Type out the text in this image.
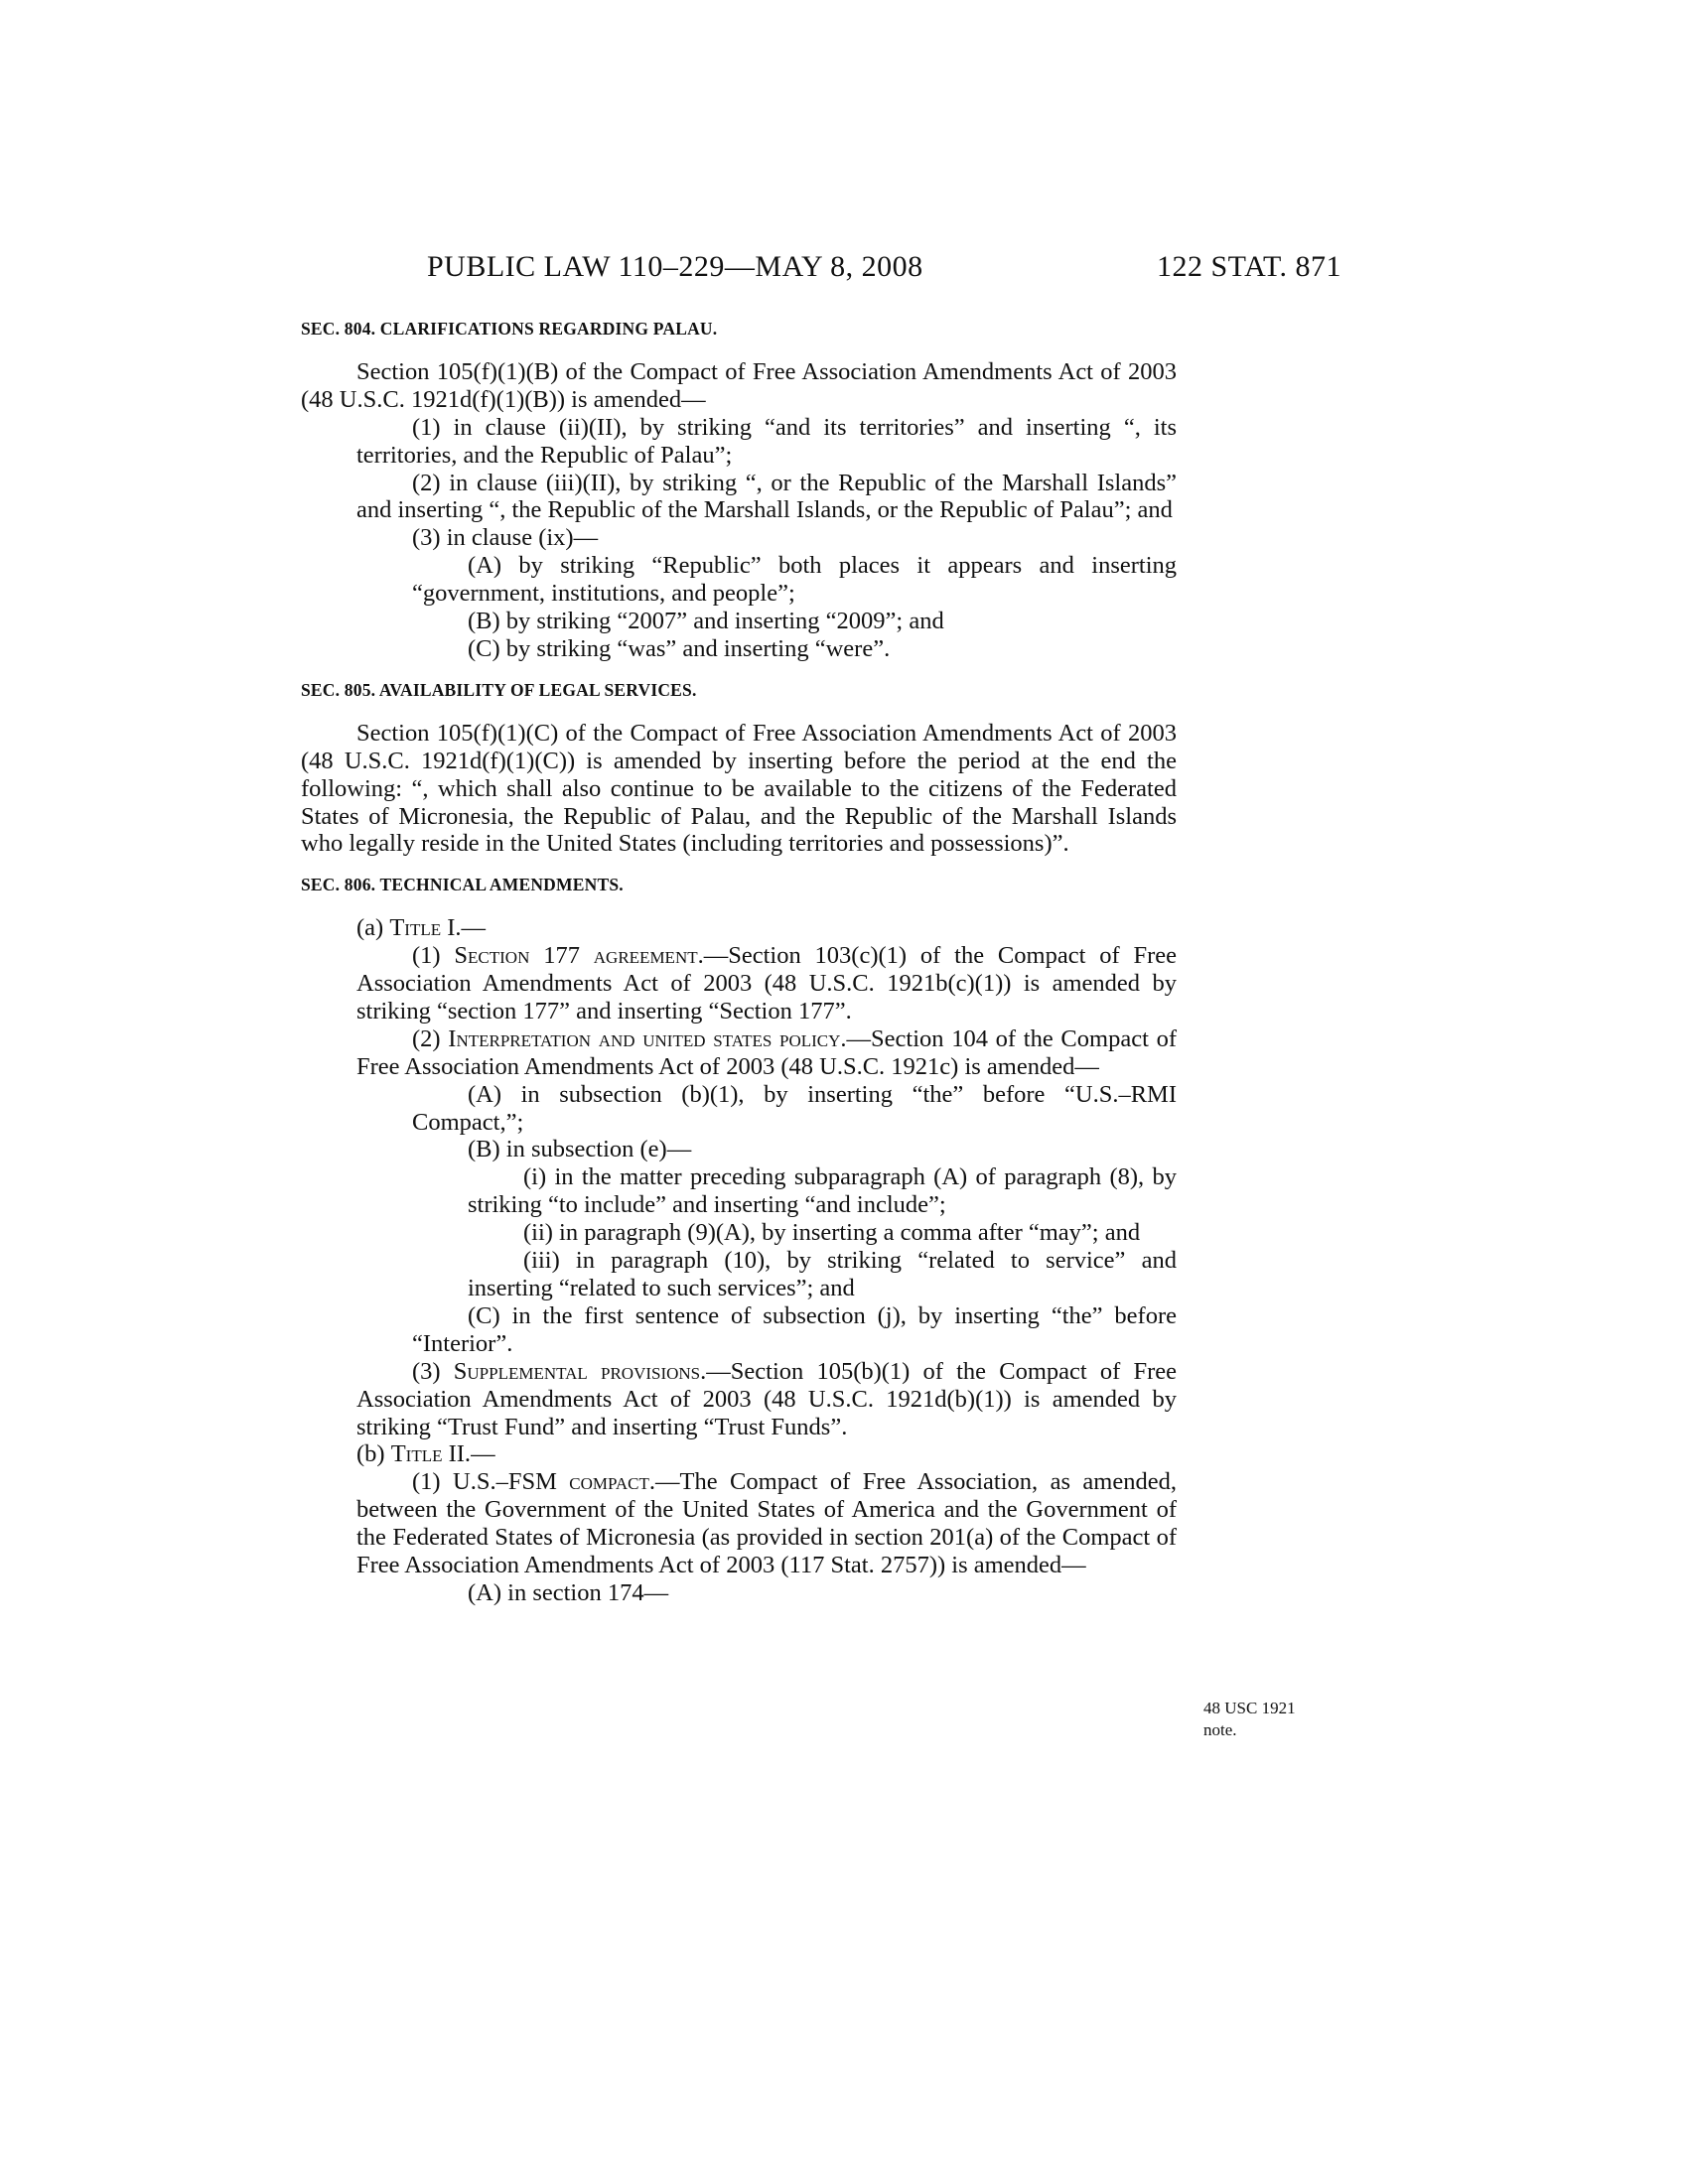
PUBLIC LAW 110–229—MAY 8, 2008	122 STAT. 871
48 USC 1921
note.
SEC. 804. CLARIFICATIONS REGARDING PALAU.

Section 105(f)(1)(B) of the Compact of Free Association Amendments Act of 2003 (48 U.S.C. 1921d(f)(1)(B)) is amended—

(1) in clause (ii)(II), by striking “and its territories” and inserting “, its territories, and the Republic of Palau”;

(2) in clause (iii)(II), by striking “, or the Republic of the Marshall Islands” and inserting “, the Republic of the Marshall Islands, or the Republic of Palau”; and

(3) in clause (ix)—

(A) by striking “Republic” both places it appears and inserting “government, institutions, and people”;

(B) by striking “2007” and inserting “2009”; and

(C) by striking “was” and inserting “were”.

SEC. 805. AVAILABILITY OF LEGAL SERVICES.

Section 105(f)(1)(C) of the Compact of Free Association Amendments Act of 2003 (48 U.S.C. 1921d(f)(1)(C)) is amended by inserting before the period at the end the following: “, which shall also continue to be available to the citizens of the Federated States of Micronesia, the Republic of Palau, and the Republic of the Marshall Islands who legally reside in the United States (including territories and possessions)”.

SEC. 806. TECHNICAL AMENDMENTS.

(a) Title I.—

(1) Section 177 agreement.—Section 103(c)(1) of the Compact of Free Association Amendments Act of 2003 (48 U.S.C. 1921b(c)(1)) is amended by striking “section 177” and inserting “Section 177”.

(2) Interpretation and united states policy.—Section 104 of the Compact of Free Association Amendments Act of 2003 (48 U.S.C. 1921c) is amended—

(A) in subsection (b)(1), by inserting “the” before “U.S.–RMI Compact,”;

(B) in subsection (e)—

(i) in the matter preceding subparagraph (A) of paragraph (8), by striking “to include” and inserting “and include”;

(ii) in paragraph (9)(A), by inserting a comma after “may”; and

(iii) in paragraph (10), by striking “related to service” and inserting “related to such services”; and

(C) in the first sentence of subsection (j), by inserting “the” before “Interior”.

(3) Supplemental provisions.—Section 105(b)(1) of the Compact of Free Association Amendments Act of 2003 (48 U.S.C. 1921d(b)(1)) is amended by striking “Trust Fund” and inserting “Trust Funds”.

(b) Title II.—

(1) U.S.–FSM compact.—The Compact of Free Association, as amended, between the Government of the United States of America and the Government of the Federated States of Micronesia (as provided in section 201(a) of the Compact of Free Association Amendments Act of 2003 (117 Stat. 2757)) is amended—

(A) in section 174—
